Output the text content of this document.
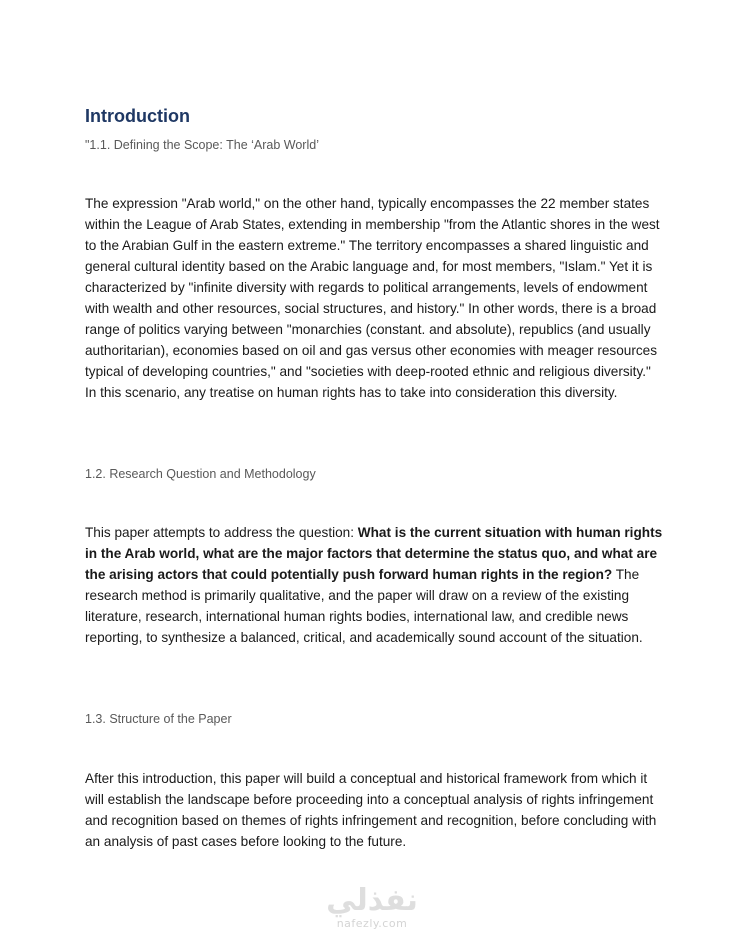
Introduction

"1.1. Defining the Scope: The ‘Arab World’

The expression "Arab world," on the other hand, typically encompasses the 22 member states within the League of Arab States, extending in membership "from the Atlantic shores in the west to the Arabian Gulf in the eastern extreme." The territory encompasses a shared linguistic and general cultural identity based on the Arabic language and, for most members, "Islam." Yet it is characterized by "infinite diversity with regards to political arrangements, levels of endowment with wealth and other resources, social structures, and history." In other words, there is a broad range of politics varying between "monarchies (constant. and absolute), republics (and usually authoritarian), economies based on oil and gas versus other economies with meager resources typical of developing countries," and "societies with deep-rooted ethnic and religious diversity." In this scenario, any treatise on human rights has to take into consideration this diversity.

1.2. Research Question and Methodology

This paper attempts to address the question: What is the current situation with human rights in the Arab world, what are the major factors that determine the status quo, and what are the arising actors that could potentially push forward human rights in the region? The research method is primarily qualitative, and the paper will draw on a review of the existing literature, research, international human rights bodies, international law, and credible news reporting, to synthesize a balanced, critical, and academically sound account of the situation.

1.3. Structure of the Paper

After this introduction, this paper will build a conceptual and historical framework from which it will establish the landscape before proceeding into a conceptual analysis of rights infringement and recognition based on themes of rights infringement and recognition, before concluding with an analysis of past cases before looking to the future.

نفذلي
nafezly.com
